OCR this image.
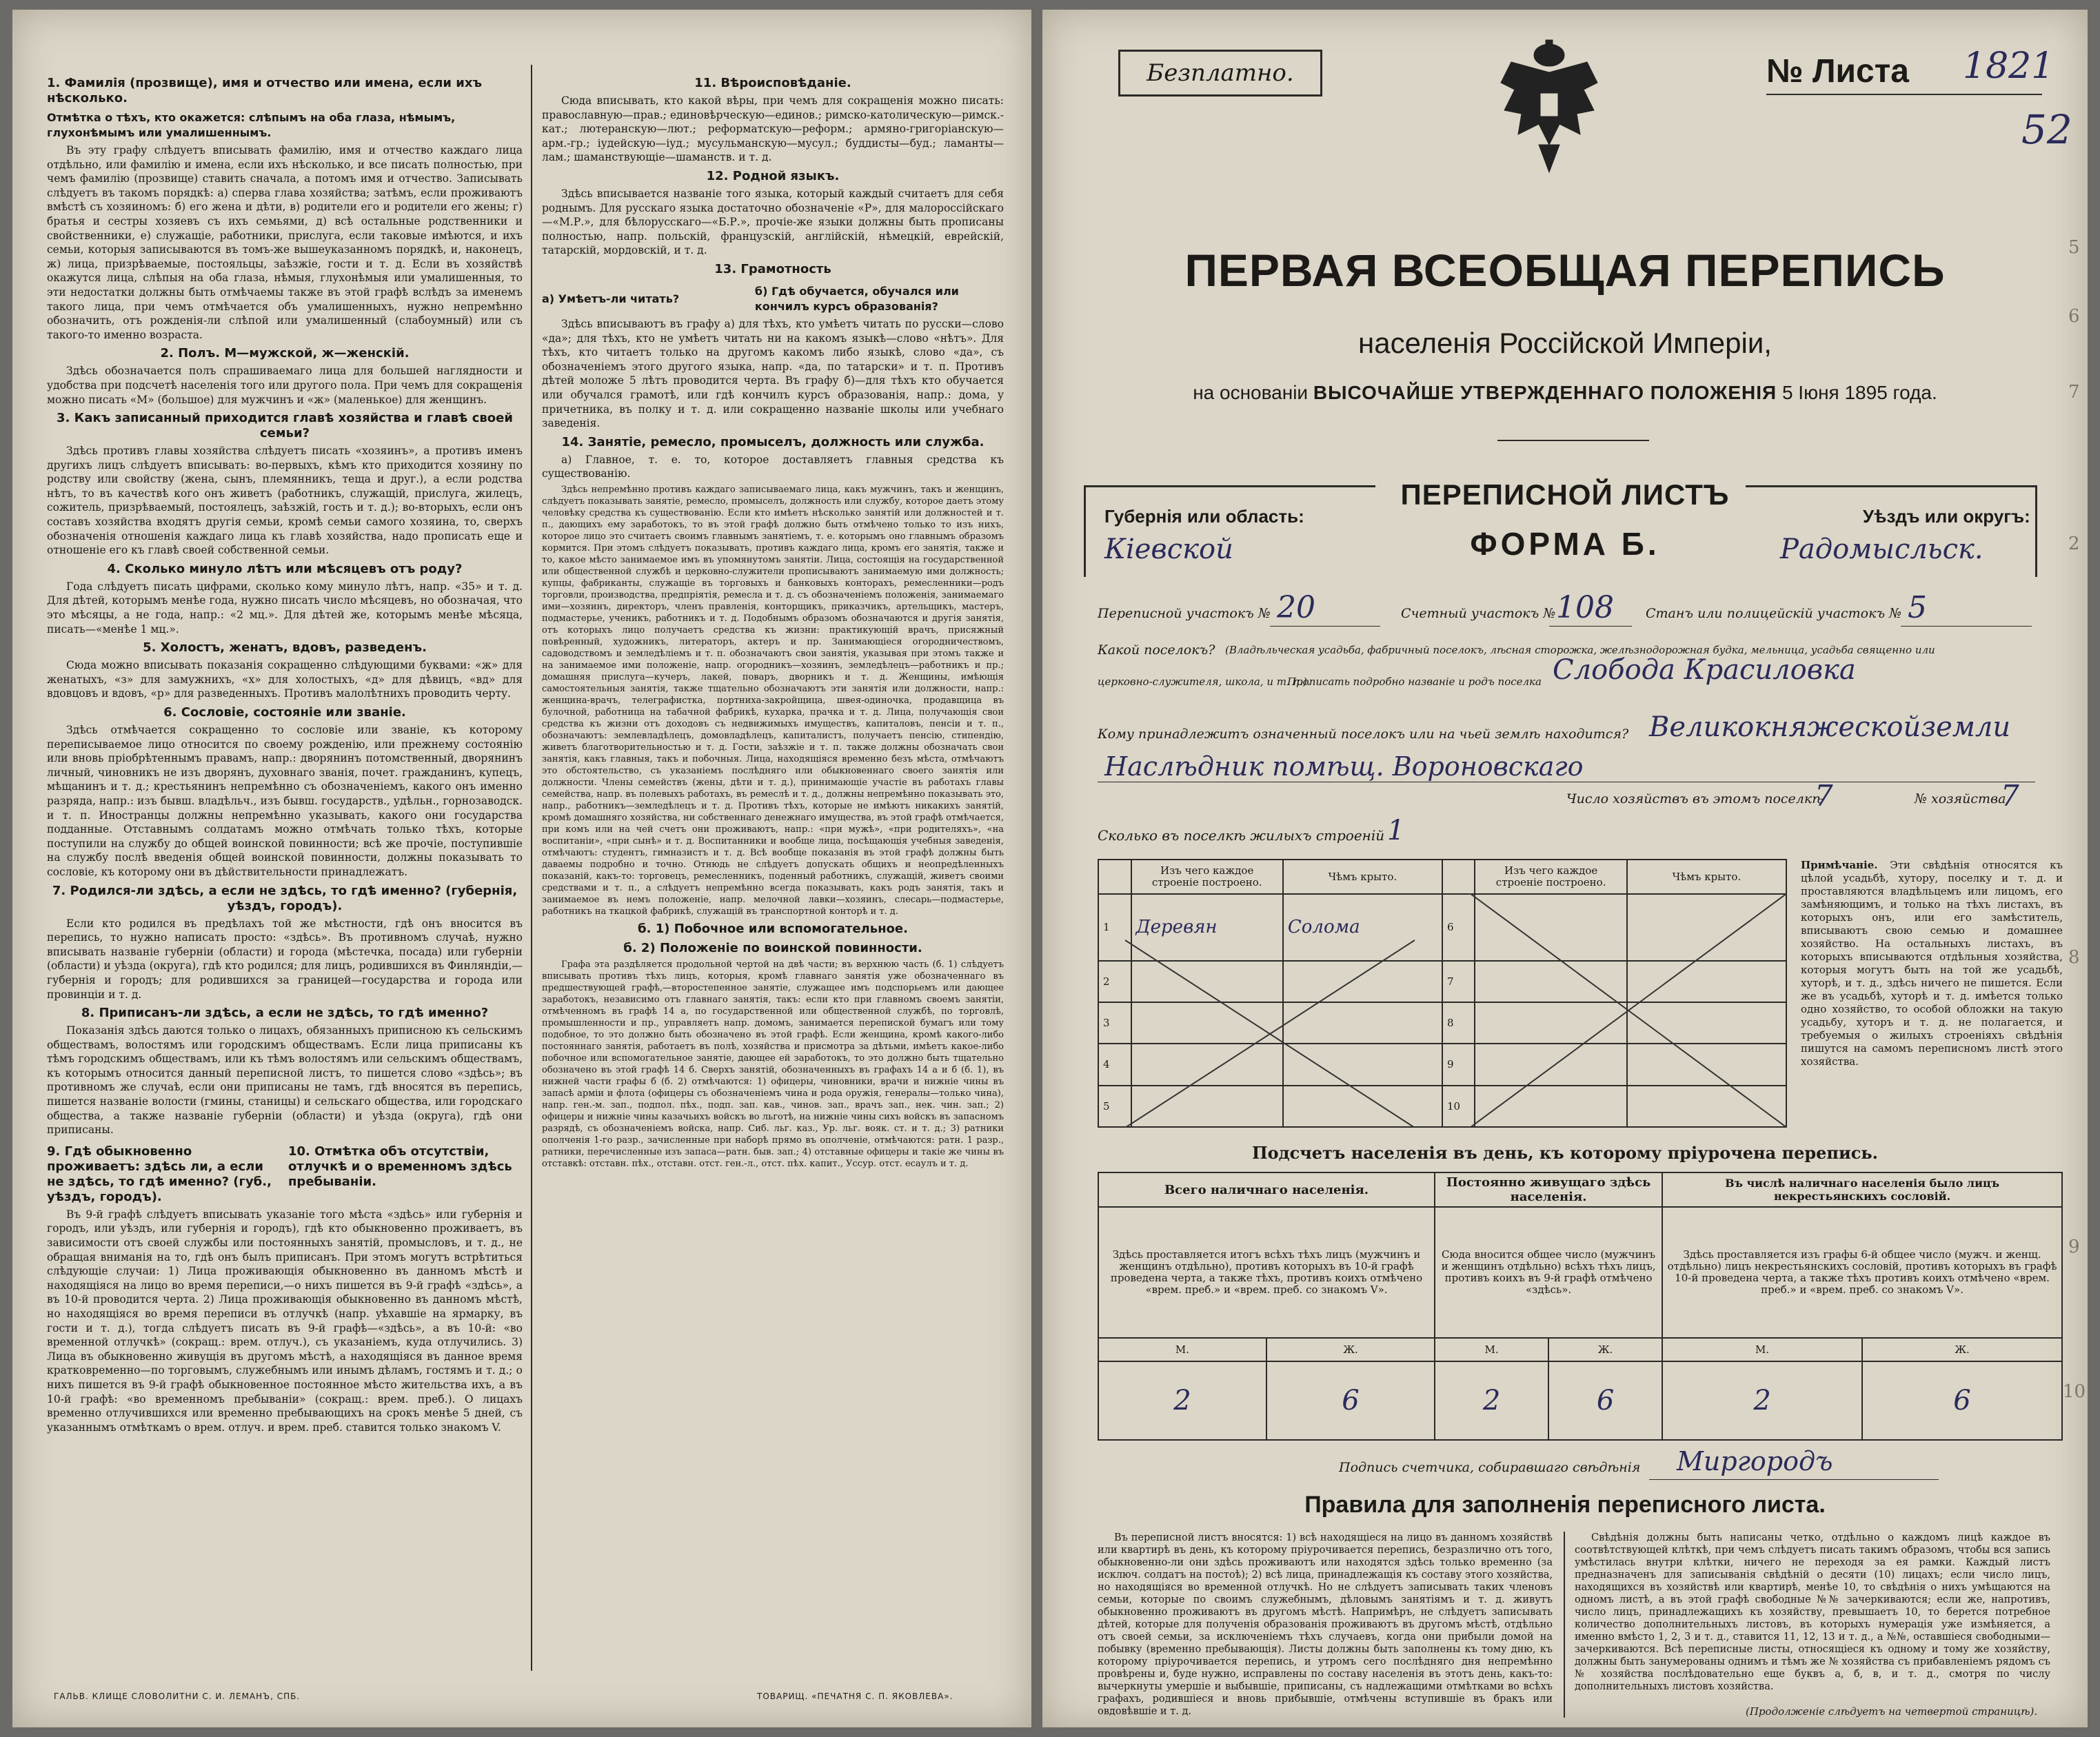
1. Фамилія (прозвище), имя и отчество или имена, если ихъ нѣсколько.
Отмѣтка о тѣхъ, кто окажется: слѣпымъ на оба глаза, нѣмымъ, глухонѣмымъ или умалишеннымъ.

Въ эту графу слѣдуетъ вписывать фамилію, имя и отчество каждаго лица отдѣльно, или фамилію и имена, если ихъ нѣсколько, и все писать полностью, при чемъ фамилію (прозвище) ставить сначала, а потомъ имя и отчество. Записывать слѣдуетъ въ такомъ порядкѣ: а) сперва глава хозяйства; затѣмъ, если проживаютъ вмѣстѣ съ хозяиномъ: б) его жена и дѣти, в) родители его и родители его жены; г) братья и сестры хозяевъ съ ихъ семьями, д) всѣ остальные родственники и свойственники, е) служащіе, работники, прислуга, если таковые имѣются, и ихъ семьи, которыя записываются въ томъ-же вышеуказанномъ порядкѣ, и, наконецъ, ж) лица, призрѣваемые, постояльцы, заѣзжіе, гости и т. д. Если въ хозяйствѣ окажутся лица, слѣпыя на оба глаза, нѣмыя, глухонѣмыя или умалишенныя, то эти недостатки должны быть отмѣчаемы также въ этой графѣ вслѣдъ за именемъ такого лица, при чемъ отмѣчается объ умалишенныхъ, нужно непремѣнно обозначить, отъ рожденія-ли слѣпой или умалишенный (слабоумный) или съ такого-то именно возраста.

2. Полъ. М—мужской, ж—женскій.

Здѣсь обозначается полъ спрашиваемаго лица для большей наглядности и удобства при подсчетѣ населенія того или другого пола. При чемъ для сокращенія можно писать «М» (большое) для мужчинъ и «ж» (маленькое) для женщинъ.

3. Какъ записанный приходится главѣ хозяйства и главѣ своей семьи?

Здѣсь противъ главы хозяйства слѣдуетъ писать «хозяинъ», а противъ именъ другихъ лицъ слѣдуетъ вписывать: во-первыхъ, кѣмъ кто приходится хозяину по родству или свойству (жена, сынъ, племянникъ, теща и друг.), а если родства нѣтъ, то въ качествѣ кого онъ живетъ (работникъ, служащій, прислуга, жилецъ, сожитель, призрѣваемый, постоялецъ, заѣзжій, гость и т. д.); во-вторыхъ, если онъ составъ хозяйства входятъ другія семьи, кромѣ семьи самого хозяина, то, сверхъ обозначенія отношенія каждаго лица къ главѣ хозяйства, надо прописать еще и отношеніе его къ главѣ своей собственной семьи.

4. Сколько минуло лѣтъ или мѣсяцевъ отъ роду?

Года слѣдуетъ писать цифрами, сколько кому минуло лѣтъ, напр. «35» и т. д. Для дѣтей, которымъ менѣе года, нужно писать число мѣсяцевъ, но обозначая, что это мѣсяцы, а не года, напр.: «2 мц.». Для дѣтей же, которымъ менѣе мѣсяца, писать—«менѣе 1 мц.».

5. Холостъ, женатъ, вдовъ, разведенъ.

Сюда можно вписывать показанія сокращенно слѣдующими буквами: «ж» для женатыхъ, «з» для замужнихъ, «х» для холостыхъ, «д» для дѣвицъ, «вд» для вдовцовъ и вдовъ, «р» для разведенныхъ. Противъ малолѣтнихъ проводить черту.

6. Сословіе, состояніе или званіе.

Здѣсь отмѣчается сокращенно то сословіе или званіе, къ которому переписываемое лицо относится по своему рожденію, или прежнему состоянію или вновь пріобрѣтеннымъ правамъ, напр.: дворянинъ потомственный, дворянинъ личный, чиновникъ не изъ дворянъ, духовнаго званія, почет. гражданинъ, купецъ, мѣщанинъ и т. д.; крестьянинъ непремѣнно съ обозначеніемъ, какого онъ именно разряда, напр.: изъ бывш. владѣльч., изъ бывш. государств., удѣльн., горнозаводск. и т. п. Иностранцы должны непремѣнно указывать, какого они государства подданные. Отставнымъ солдатамъ можно отмѣчать только тѣхъ, которые поступили на службу до общей воинской повинности; всѣ же прочіе, поступившіе на службу послѣ введенія общей воинской повинности, должны показывать то сословіе, къ которому они въ дѣйствительности принадлежатъ.

7. Родился-ли здѣсь, а если не здѣсь, то гдѣ именно? (губернія, уѣздъ, городъ).

Если кто родился въ предѣлахъ той же мѣстности, гдѣ онъ вносится въ перепись, то нужно написать просто: «здѣсь». Въ противномъ случаѣ, нужно вписывать названіе губерніи (области) и города (мѣстечка, посада) или губерніи (области) и уѣзда (округа), гдѣ кто родился; для лицъ, родившихся въ Финляндіи,—губернія и городъ; для родившихся за границей—государства и города или провинціи и т. д.

8. Приписанъ-ли здѣсь, а если не здѣсь, то гдѣ именно?

Показанія здѣсь даются только о лицахъ, обязанныхъ приписною къ сельскимъ обществамъ, волостямъ или городскимъ обществамъ. Если лица приписаны къ тѣмъ городскимъ обществамъ, или къ тѣмъ волостямъ или сельскимъ обществамъ, къ которымъ относится данный переписной листъ, то пишется слово «здѣсь»; въ противномъ же случаѣ, если они приписаны не тамъ, гдѣ вносятся въ перепись, пишется названіе волости (гмины, станицы) и сельскаго общества, или городскаго общества, а также названіе губерніи (области) и уѣзда (округа), гдѣ они приписаны.

9. Гдѣ обыкновенно проживаетъ: здѣсь ли, а если не здѣсь, то гдѣ именно? (губ., уѣздъ, городъ).
10. Отмѣтка объ отсутствіи, отлучкѣ и о временномъ здѣсь пребываніи.

Въ 9-й графѣ слѣдуетъ вписывать указаніе того мѣста «здѣсь» или губернія и городъ, или уѣздъ, или губернія и городъ), гдѣ кто обыкновенно проживаетъ, въ зависимости отъ своей службы или постоянныхъ занятій, промысловъ, и т. д., не обращая вниманія на то, гдѣ онъ былъ приписанъ. При этомъ могутъ встрѣтиться слѣдующіе случаи: 1) Лица проживающія обыкновенно въ данномъ мѣстѣ и находящіяся на лицо во время переписи,—о нихъ пишется въ 9-й графѣ «здѣсь», а въ 10-й проводится черта. 2) Лица проживающія обыкновенно въ данномъ мѣстѣ, но находящіяся во время переписи въ отлучкѣ (напр. уѣхавшіе на ярмарку, въ гости и т. д.), тогда слѣдуетъ писать въ 9-й графѣ—«здѣсь», а въ 10-й: «во временной отлучкѣ» (сокращ.: врем. отлуч.), съ указаніемъ, куда отлучились. 3) Лица въ обыкновенно живущія въ другомъ мѣстѣ, а находящіяся въ данное время кратковременно—по торговымъ, служебнымъ или инымъ дѣламъ, гостямъ и т. д.; о нихъ пишется въ 9-й графѣ обыкновенное постоянное мѣсто жительства ихъ, а въ 10-й графѣ: «во временномъ пребываніи» (сокращ.: врем. преб.). О лицахъ временно отлучившихся или временно пребывающихъ на срокъ менѣе 5 дней, съ указаннымъ отмѣткамъ о врем. отлуч. и врем. преб. ставится только знакомъ V.

11. Вѣроисповѣданіе.

Сюда вписывать, кто какой вѣры, при чемъ для сокращенія можно писать: православную—прав.; единовѣрческую—единов.; римско-католическую—римск.-кат.; лютеранскую—лют.; реформатскую—реформ.; армяно-григоріанскую—арм.-гр.; іудейскую—іуд.; мусульманскую—мусул.; буддисты—буд.; ламанты—лам.; шаманствующіе—шаманств. и т. д.

12. Родной языкъ.

Здѣсь вписывается названіе того языка, который каждый считаетъ для себя роднымъ. Для русскаго языка достаточно обозначеніе «Р», для малороссійскаго—«М.Р.», для бѣлорусскаго—«Б.Р.», прочіе-же языки должны быть прописаны полностью, напр. польскій, французскій, англійскій, нѣмецкій, еврейскій, татарскій, мордовскій, и т. д.

13. Грамотность
а) Умѣетъ-ли читать?
б) Гдѣ обучается, обучался или кончилъ курсъ образованія?

Здѣсь вписываютъ въ графу а) для тѣхъ, кто умѣетъ читать по русски—слово «да»; для тѣхъ, кто не умѣетъ читать ни на какомъ языкѣ—слово «нѣтъ». Для тѣхъ, кто читаетъ только на другомъ какомъ либо языкѣ, слово «да», съ обозначеніемъ этого другого языка, напр. «да, по татарски» и т. п. Противъ дѣтей моложе 5 лѣтъ проводится черта. Въ графу б)—для тѣхъ кто обучается или обучался грамотѣ, или гдѣ кончилъ курсъ образованія, напр.: дома, у причетника, въ полку и т. д. или сокращенно названіе школы или учебнаго заведенія.

14. Занятіе, ремесло, промыселъ, должность или служба.

а) Главное, т. е. то, которое доставляетъ главныя средства къ существованію.

Здѣсь непремѣнно противъ каждаго записываемаго лица, какъ мужчинъ, такъ и женщинъ, слѣдуетъ показывать занятіе, ремесло, промыселъ, должность или службу, которое даетъ этому человѣку средства къ существованію. Если кто имѣетъ нѣсколько занятій или должностей и т. п., дающихъ ему заработокъ, то въ этой графѣ должно быть отмѣчено только то изъ нихъ, которое лицо это считаетъ своимъ главнымъ занятіемъ, т. е. которымъ оно главнымъ образомъ кормится. При этомъ слѣдуетъ показывать, противъ каждаго лица, кромъ его занятія, также и то, какое мѣсто занимаемое имъ въ упомянутомъ занятіи. Лица, состоящія на государственной или общественной службѣ и церковно-служители прописываютъ занимаемую ими должность; купцы, фабриканты, служащіе въ торговыхъ и банковыхъ конторахъ, ремесленники—родъ торговли, производства, предпріятія, ремесла и т. д. съ обозначеніемъ положенія, занимаемаго ими—хозяинъ, директоръ, членъ правленія, конторщикъ, приказчикъ, артельщикъ, мастеръ, подмастерье, ученикъ, работникъ и т. д. Подобнымъ образомъ обозначаются и другія занятія, отъ которыхъ лицо получаетъ средства къ жизни: практикующій врачъ, присяжный повѣренный, художникъ, литераторъ, актеръ и пр. Занимающіеся огородничествомъ, садоводствомъ и земледѣліемъ и т. п. обозначаютъ свои занятія, указывая при этомъ также и на занимаемое ими положеніе, напр. огородникъ—хозяинъ, земледѣлецъ—работникъ и пр.; домашняя прислуга—кучеръ, лакей, поваръ, дворникъ и т. д. Женщины, имѣющія самостоятельныя занятія, также тщательно обозначаютъ эти занятія или должности, напр.: женщина-врачъ, телеграфистка, портниха-закройщица, швея-одиночка, продавщица въ булочной, работница на табачной фабрикѣ, кухарка, прачка и т. д. Лица, получающія свои средства къ жизни отъ доходовъ съ недвижимыхъ имуществъ, капиталовъ, пенсіи и т. п., обозначаютъ: землевладѣлецъ, домовладѣлецъ, капиталистъ, получаетъ пенсію, стипендію, живетъ благотворительностью и т. д. Гости, заѣзжіе и т. п. также должны обозначать свои занятія, какъ главныя, такъ и побочныя. Лица, находящіяся временно безъ мѣста, отмѣчаютъ это обстоятельство, съ указаніемъ послѣдняго или обыкновеннаго своего занятія или должности. Члены семействъ (жены, дѣти и т. д.), принимающіе участіе въ работахъ главы семейства, напр. въ полевыхъ работахъ, въ ремеслѣ и т. д., должны непремѣнно показывать это, напр., работникъ—земледѣлецъ и т. д. Противъ тѣхъ, которые не имѣютъ никакихъ занятій, кромѣ домашняго хозяйства, ни собственнаго денежнаго имущества, въ этой графѣ отмѣчается, при комъ или на чей счетъ они проживаютъ, напр.: «при мужѣ», «при родителяхъ», «на воспитаніи», «при сынѣ» и т. д. Воспитанники и вообще лица, посѣщающія учебныя заведенія, отмѣчаютъ: студентъ, гимназистъ и т. д. Всѣ вообще показанія въ этой графѣ должны быть даваемы подробно и точно. Отнюдь не слѣдуетъ допускать общихъ и неопредѣленныхъ показаній, какъ-то: торговецъ, ремесленникъ, поденный работникъ, служащій, живетъ своими средствами и т. п., а слѣдуетъ непремѣнно всегда показывать, какъ родъ занятія, такъ и занимаемое въ немъ положеніе, напр. мелочной лавки—хозяинъ, слесарь—подмастерье, работникъ на ткацкой фабрикѣ, служащій въ транспортной конторѣ и т. д.

б. 1) Побочное или вспомогательное.
б. 2) Положеніе по воинской повинности.

Графа эта раздѣляется продольной чертой на двѣ части; въ верхнюю часть (б. 1) слѣдуетъ вписывать противъ тѣхъ лицъ, которыя, кромѣ главнаго занятія уже обозначеннаго въ предшествующей графѣ,—второстепенное занятіе, служащее имъ подспорьемъ или дающее заработокъ, независимо отъ главнаго занятія, такъ: если кто при главномъ своемъ занятіи, отмѣченномъ въ графѣ 14 а, по государственной или общественной службѣ, по торговлѣ, промышленности и пр., управляетъ напр. домомъ, занимается перепиской бумагъ или тому подобное, то это должно быть обозначено въ этой графѣ. Если женщина, кромѣ какого-либо постояннаго занятія, работаетъ въ полѣ, хозяйства и присмотра за дѣтьми, имѣетъ какое-либо побочное или вспомогательное занятіе, дающее ей заработокъ, то это должно быть тщательно обозначено въ этой графѣ 14 б. Сверхъ занятій, обозначенныхъ въ графахъ 14 а и б (б. 1), въ нижней части графы б (б. 2) отмѣчаются: 1) офицеры, чиновники, врачи и нижніе чины въ запасѣ арміи и флота (офицеры съ обозначеніемъ чина и рода оружія, генералы—только чина), напр. ген.-м. зап., подпол. пѣх., подп. зап. кав., чинов. зап., врачъ зап., нек. чин. зап.; 2) офицеры и нижніе чины казачьихъ войскъ во льготѣ, на нижніе чины сихъ войскъ въ запасномъ разрядѣ, съ обозначеніемъ войска, напр. Сиб. льг. каз., Ур. льг. вояк. ст. и т. д.; 3) ратники ополченія 1-го разр., зачисленные при наборѣ прямо въ ополченіе, отмѣчаются: ратн. 1 разр., ратники, перечисленные изъ запаса—ратн. быв. зап.; 4) отставные офицеры и такіе же чины въ отставкѣ: отставн. пѣх., отставн. отст. ген.-л., отст. пѣх. капит., Уссур. отст. есаулъ и т. д.

ГАЛЬВ. КЛИЩЕ СЛОВОЛИТНИ С. И. ЛЕМАНЪ, СПБ.	ТОВАРИЩ. «ПЕЧАТНЯ С. П. ЯКОВЛЕВА».
Безплатно.	№ Листа 1821
52
ПЕРВАЯ ВСЕОБЩАЯ ПЕРЕПИСЬ
населенія Россійской Имперіи,
на основаніи ВЫСОЧАЙШЕ УТВЕРЖДЕННАГО ПОЛОЖЕНІЯ 5 Іюня 1895 года.
Губернія или область:
Кіевской
Уѣздъ или округъ:
Радомысльск.
ПЕРЕПИСНОЙ ЛИСТЪ
ФОРМА Б.
Переписной участокъ № 20	Счетный участокъ № 108 Станъ или полицейскій участокъ № 5
Какой поселокъ? (Владѣльческая усадьба, фабричный поселокъ, лѣсная сторожка, желѣзнодорожная будка, мельница, усадьба священно или
церковно-служителя, школа, и т. п.).
Прописать подробно названіе и родъ поселка Слобода Красиловка
Кому принадлежитъ означенный поселокъ или на чьей землѣ находится? Великокняжескойземли
Наслѣдник помѣщ. Вороновскаго
Число хозяйствъ въ этомъ поселкѣ
7	№ хозяйства
7
Сколько въ поселкѣ жилыхъ строеній 1
	Изъ чего каждое строеніе построено.	Чѣмъ крыто.		Изъ чего каждое строеніе построено.	Чѣмъ крыто.
1	Деревян	Солома	6		
2			7		
3			8		
4			9		
5			10		
Примѣчаніе. Эти свѣдѣнія относятся къ цѣлой усадьбѣ, хутору, поселку и т. д. и проставляются владѣльцемъ или лицомъ, его замѣняющимъ, и только на тѣхъ листахъ, въ которыхъ онъ, или его замѣститель, вписываютъ свою семью и домашнее хозяйство. На остальныхъ листахъ, въ которыхъ вписываются отдѣльныя хозяйства, которыя могутъ быть на той же усадьбѣ, хуторѣ, и т. д., здѣсь ничего не пишется. Если же въ усадьбѣ, хуторѣ и т. д. имѣется только одно хозяйство, то особой обложки на такую усадьбу, хуторъ и т. д. не полагается, и требуемыя о жилыхъ строеніяхъ свѣдѣнія пишутся на самомъ переписномъ листѣ этого хозяйства.
Подсчетъ населенія въ день, къ которому пріурочена перепись.
Всего наличнаго населенія.		Постоянно живущаго здѣсь населенія.		Въ числѣ наличнаго населенія было лицъ некрестьянскихъ сословій.	
Здѣсь проставляется итогъ всѣхъ тѣхъ лицъ (мужчинъ и женщинъ отдѣльно), противъ которыхъ въ 10-й графѣ проведена черта, а также тѣхъ, противъ коихъ отмѣчено «врем. преб.» и «врем. преб. со знакомъ V».		Сюда вносится общее число (мужчинъ и женщинъ отдѣльно) всѣхъ тѣхъ лицъ, противъ коихъ въ 9-й графѣ отмѣчено «здѣсь».		Здѣсь проставляется изъ графы 6-й общее число (мужч. и женщ. отдѣльно) лицъ некрестьянскихъ сословій, противъ которыхъ въ графѣ 10-й проведена черта, а также тѣхъ противъ коихъ отмѣчено «врем. преб.» и «врем. преб. со знакомъ V».	
М.	Ж.	М.	Ж.	М.	Ж.
2	6	2	6	2	6
Подпись счетчика, собиравшаго свѣдѣнія Миргородъ
Правила для заполненія переписного листа.
Въ переписной листъ вносятся: 1) всѣ находящіеся на лицо въ данномъ хозяйствѣ или квартирѣ въ день, къ которому пріурочивается перепись, безразлично отъ того, обыкновенно-ли они здѣсь проживаютъ или находятся здѣсь только временно (за исключ. солдатъ на постоѣ); 2) всѣ лица, принадлежащія къ составу этого хозяйства, но находящіяся во временной отлучкѣ. Но не слѣдуетъ записывать таких членовъ семьи, которые по своимъ служебнымъ, дѣловымъ занятіямъ и т. д. живутъ обыкновенно проживаютъ въ другомъ мѣстѣ. Напримѣръ, не слѣдуетъ записывать дѣтей, которые для полученія образованія проживаютъ въ другомъ мѣстѣ, отдѣльно отъ своей семьи, за исключеніемъ тѣхъ случаевъ, когда они прибыли домой на побывку (временно пребывающія). Листы должны быть заполнены къ тому дню, къ которому пріурочивается перепись, и утромъ сего послѣдняго дня непремѣнно провѣрены и, буде нужно, исправлены по составу населенія въ этотъ день, какъ-то: вычеркнуты умершіе и выбывшіе, приписаны, съ надлежащими отмѣтками во всѣхъ графахъ, родившіеся и вновь прибывшіе, отмѣчены вступившіе въ бракъ или овдовѣвшіе и т. д.
Свѣдѣнія должны быть написаны четко, отдѣльно о каждомъ лицѣ каждое въ соотвѣтствующей клѣткѣ, при чемъ слѣдуетъ писать такимъ образомъ, чтобы вся запись умѣстилась внутри клѣтки, ничего не переходя за ея рамки. Каждый листъ предназначенъ для записыванія свѣдѣній о десяти (10) лицахъ; если число лицъ, находящихся въ хозяйствѣ или квартирѣ, менѣе 10, то свѣдѣнія о нихъ умѣщаются на одномъ листѣ, а въ этой графѣ свободные №№ зачеркиваются; если же, напротивъ, число лицъ, принадлежащихъ къ хозяйству, превышаетъ 10, то берется потребное количество дополнительныхъ листовъ, въ которыхъ нумерація уже измѣняется, а именно вмѣсто 1, 2, 3 и т. д., ставится 11, 12, 13 и т. д., а №№, оставшіеся свободными—зачеркиваются. Всѣ переписные листы, относящіеся къ одному и тому же хозяйству, должны быть занумерованы однимъ и тѣмъ же № хозяйства съ прибавленіемъ рядомъ съ № хозяйства послѣдовательно еще буквъ а, б, в, и т. д., смотря по числу дополнительныхъ листовъ хозяйства.
(Продолженіе слѣдуетъ на четвертой страницѣ).
5
6
7
2
8
9
10
